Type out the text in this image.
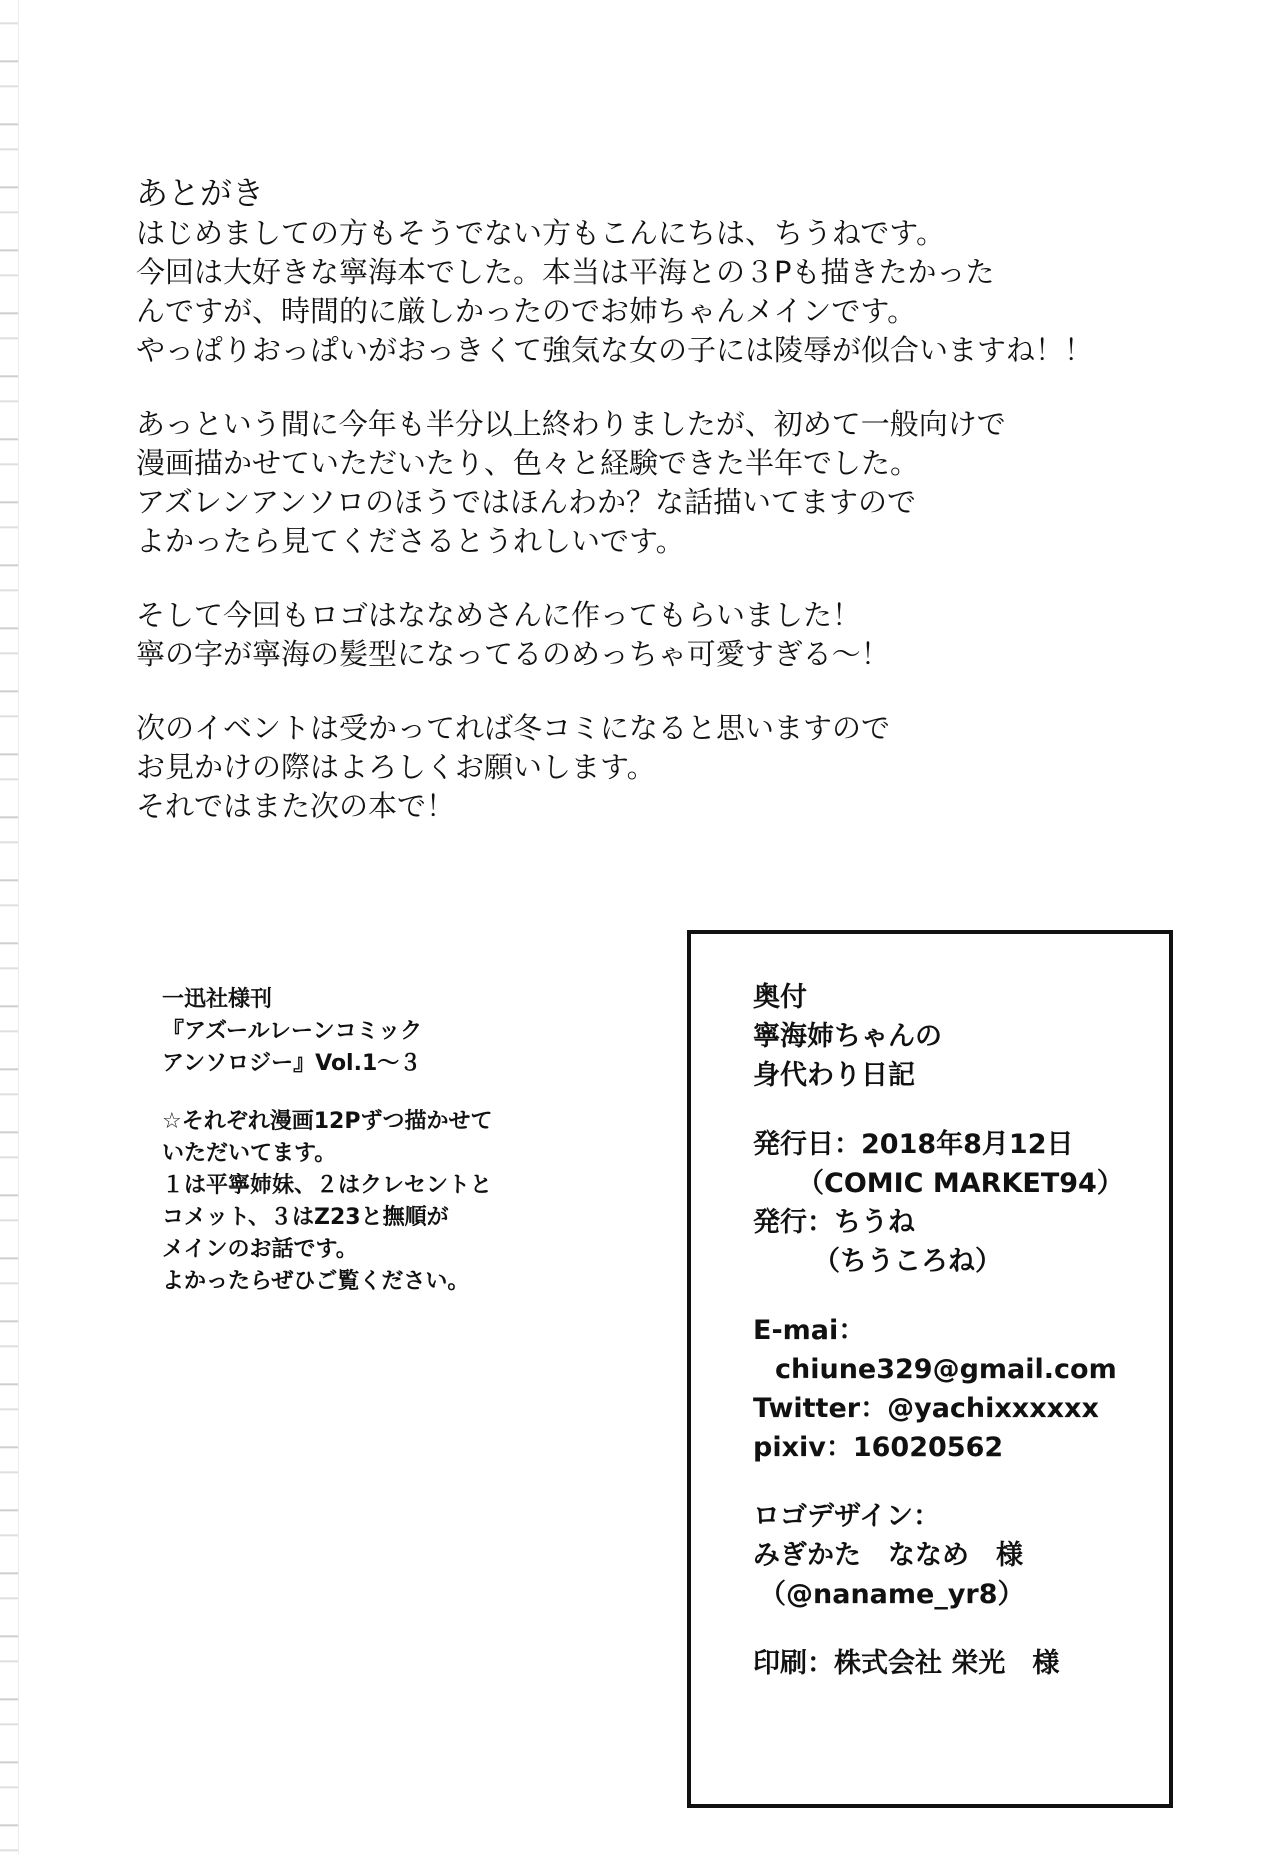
あとがき

はじめましての方もそうでない方もこんにちは、ちうねです。

今回は大好きな寧海本でした。本当は平海との３Pも描きたかった

んですが、時間的に厳しかったのでお姉ちゃんメインです。

やっぱりおっぱいがおっきくて強気な女の子には陵辱が似合いますね！！

あっという間に今年も半分以上終わりましたが、初めて一般向けで

漫画描かせていただいたり、色々と経験できた半年でした。

アズレンアンソロのほうではほんわか？な話描いてますので

よかったら見てくださるとうれしいです。

そして今回もロゴはななめさんに作ってもらいました！

寧の字が寧海の髪型になってるのめっちゃ可愛すぎる～！

次のイベントは受かってれば冬コミになると思いますので

お見かけの際はよろしくお願いします。

それではまた次の本で！

一迅社様刊

『アズールレーンコミック

アンソロジー』Vol.1～３

☆それぞれ漫画12Pずつ描かせて

いただいてます。

１は平寧姉妹、２はクレセントと

コメット、３はZ23と撫順が

メインのお話です。

よかったらぜひご覧ください。

奥付

寧海姉ちゃんの

身代わり日記

発行日：2018年8月12日

（COMIC MARKET94）

発行：ちうね

（ちうころね）

E-mai：

chiune329@gmail.com

Twitter：@yachixxxxxx

pixiv：16020562

ロゴデザイン：

みぎかた　ななめ　様

（@naname_yr8）

印刷：株式会社 栄光　様
